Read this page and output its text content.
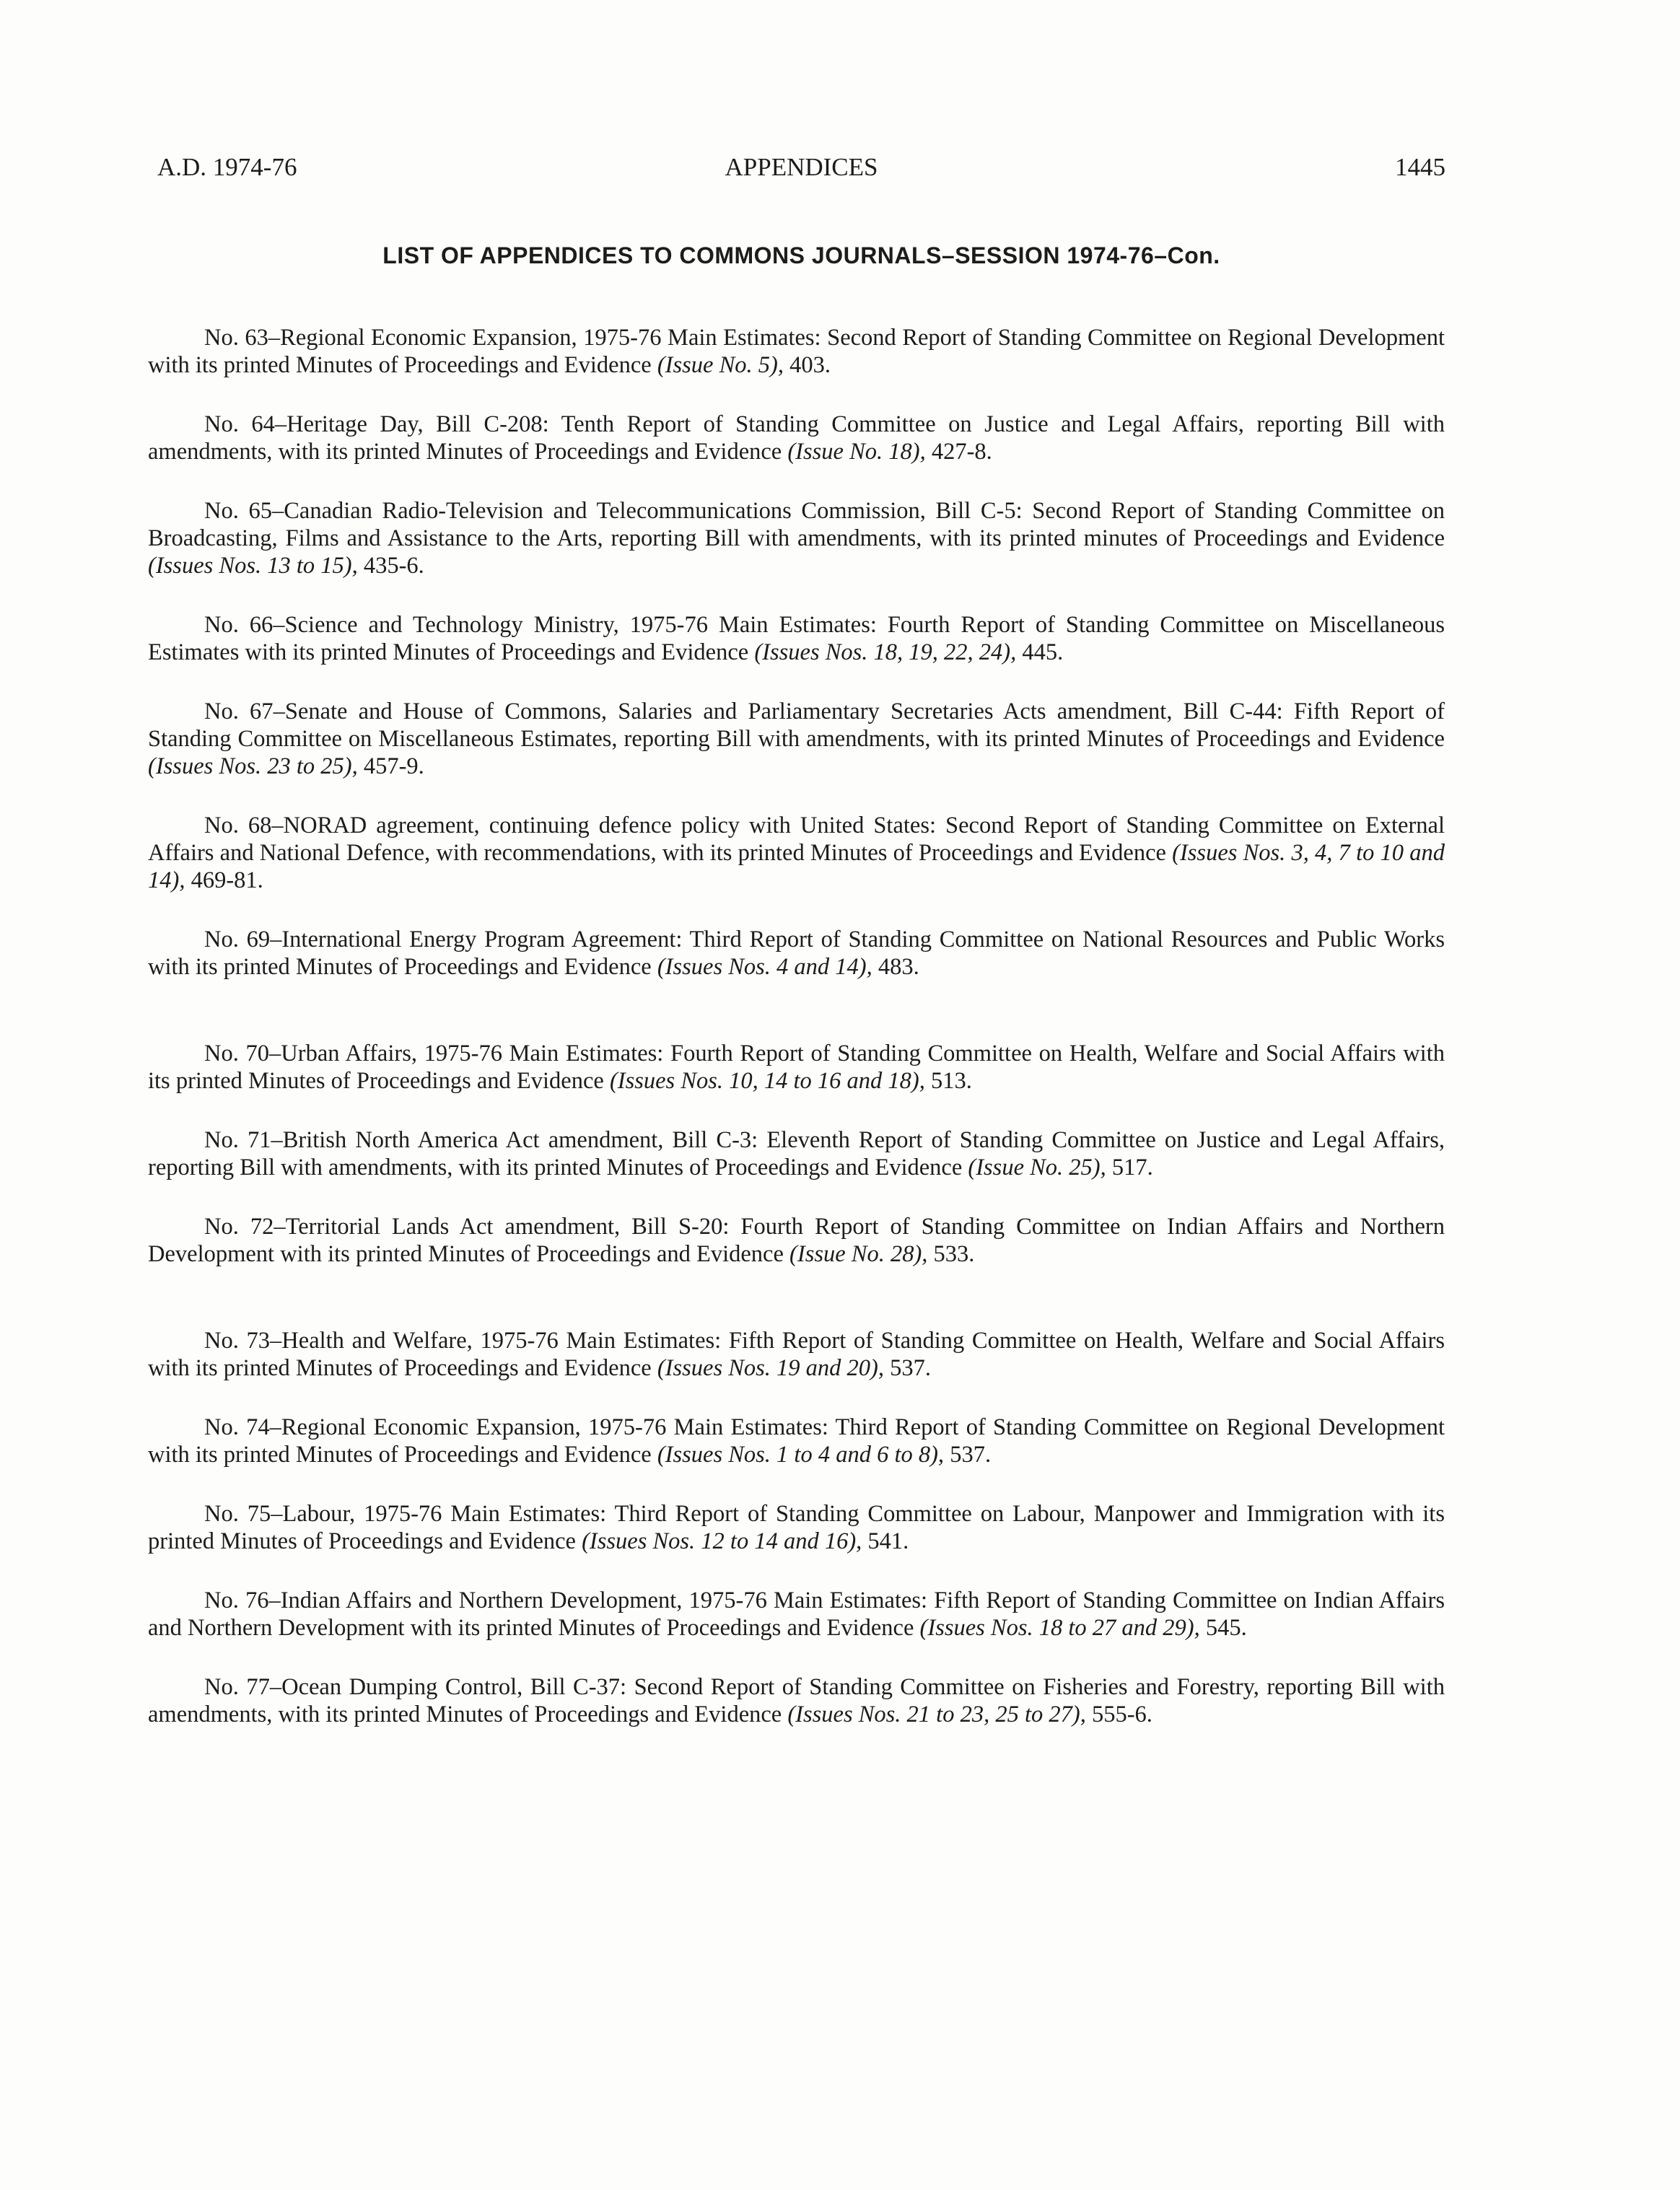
A.D. 1974-76	APPENDICES	1445
LIST OF APPENDICES TO COMMONS JOURNALS–SESSION 1974-76–Con.

No. 63–Regional Economic Expansion, 1975-76 Main Estimates: Second Report of Standing Committee on Regional Development with its printed Minutes of Proceedings and Evidence (Issue No. 5), 403.

No. 64–Heritage Day, Bill C-208: Tenth Report of Standing Committee on Justice and Legal Affairs, reporting Bill with amendments, with its printed Minutes of Proceedings and Evidence (Issue No. 18), 427-8.

No. 65–Canadian Radio-Television and Telecommunications Commission, Bill C-5: Second Report of Standing Committee on Broadcasting, Films and Assistance to the Arts, reporting Bill with amendments, with its printed minutes of Proceedings and Evidence (Issues Nos. 13 to 15), 435-6.

No. 66–Science and Technology Ministry, 1975-76 Main Estimates: Fourth Report of Standing Committee on Miscellaneous Estimates with its printed Minutes of Proceedings and Evidence (Issues Nos. 18, 19, 22, 24), 445.

No. 67–Senate and House of Commons, Salaries and Parliamentary Secretaries Acts amendment, Bill C-44: Fifth Report of Standing Committee on Miscellaneous Estimates, reporting Bill with amendments, with its printed Minutes of Proceedings and Evidence (Issues Nos. 23 to 25), 457-9.

No. 68–NORAD agreement, continuing defence policy with United States: Second Report of Standing Committee on External Affairs and National Defence, with recommendations, with its printed Minutes of Proceedings and Evidence (Issues Nos. 3, 4, 7 to 10 and 14), 469-81.

No. 69–International Energy Program Agreement: Third Report of Standing Committee on National Resources and Public Works with its printed Minutes of Proceedings and Evidence (Issues Nos. 4 and 14), 483.

No. 70–Urban Affairs, 1975-76 Main Estimates: Fourth Report of Standing Committee on Health, Welfare and Social Affairs with its printed Minutes of Proceedings and Evidence (Issues Nos. 10, 14 to 16 and 18), 513.

No. 71–British North America Act amendment, Bill C-3: Eleventh Report of Standing Committee on Justice and Legal Affairs, reporting Bill with amendments, with its printed Minutes of Proceedings and Evidence (Issue No. 25), 517.

No. 72–Territorial Lands Act amendment, Bill S-20: Fourth Report of Standing Committee on Indian Affairs and Northern Development with its printed Minutes of Proceedings and Evidence (Issue No. 28), 533.

No. 73–Health and Welfare, 1975-76 Main Estimates: Fifth Report of Standing Committee on Health, Welfare and Social Affairs with its printed Minutes of Proceedings and Evidence (Issues Nos. 19 and 20), 537.

No. 74–Regional Economic Expansion, 1975-76 Main Estimates: Third Report of Standing Committee on Regional Development with its printed Minutes of Proceedings and Evidence (Issues Nos. 1 to 4 and 6 to 8), 537.

No. 75–Labour, 1975-76 Main Estimates: Third Report of Standing Committee on Labour, Manpower and Immigration with its printed Minutes of Proceedings and Evidence (Issues Nos. 12 to 14 and 16), 541.

No. 76–Indian Affairs and Northern Development, 1975-76 Main Estimates: Fifth Report of Standing Committee on Indian Affairs and Northern Development with its printed Minutes of Proceedings and Evidence (Issues Nos. 18 to 27 and 29), 545.

No. 77–Ocean Dumping Control, Bill C-37: Second Report of Standing Committee on Fisheries and Forestry, reporting Bill with amendments, with its printed Minutes of Proceedings and Evidence (Issues Nos. 21 to 23, 25 to 27), 555-6.
